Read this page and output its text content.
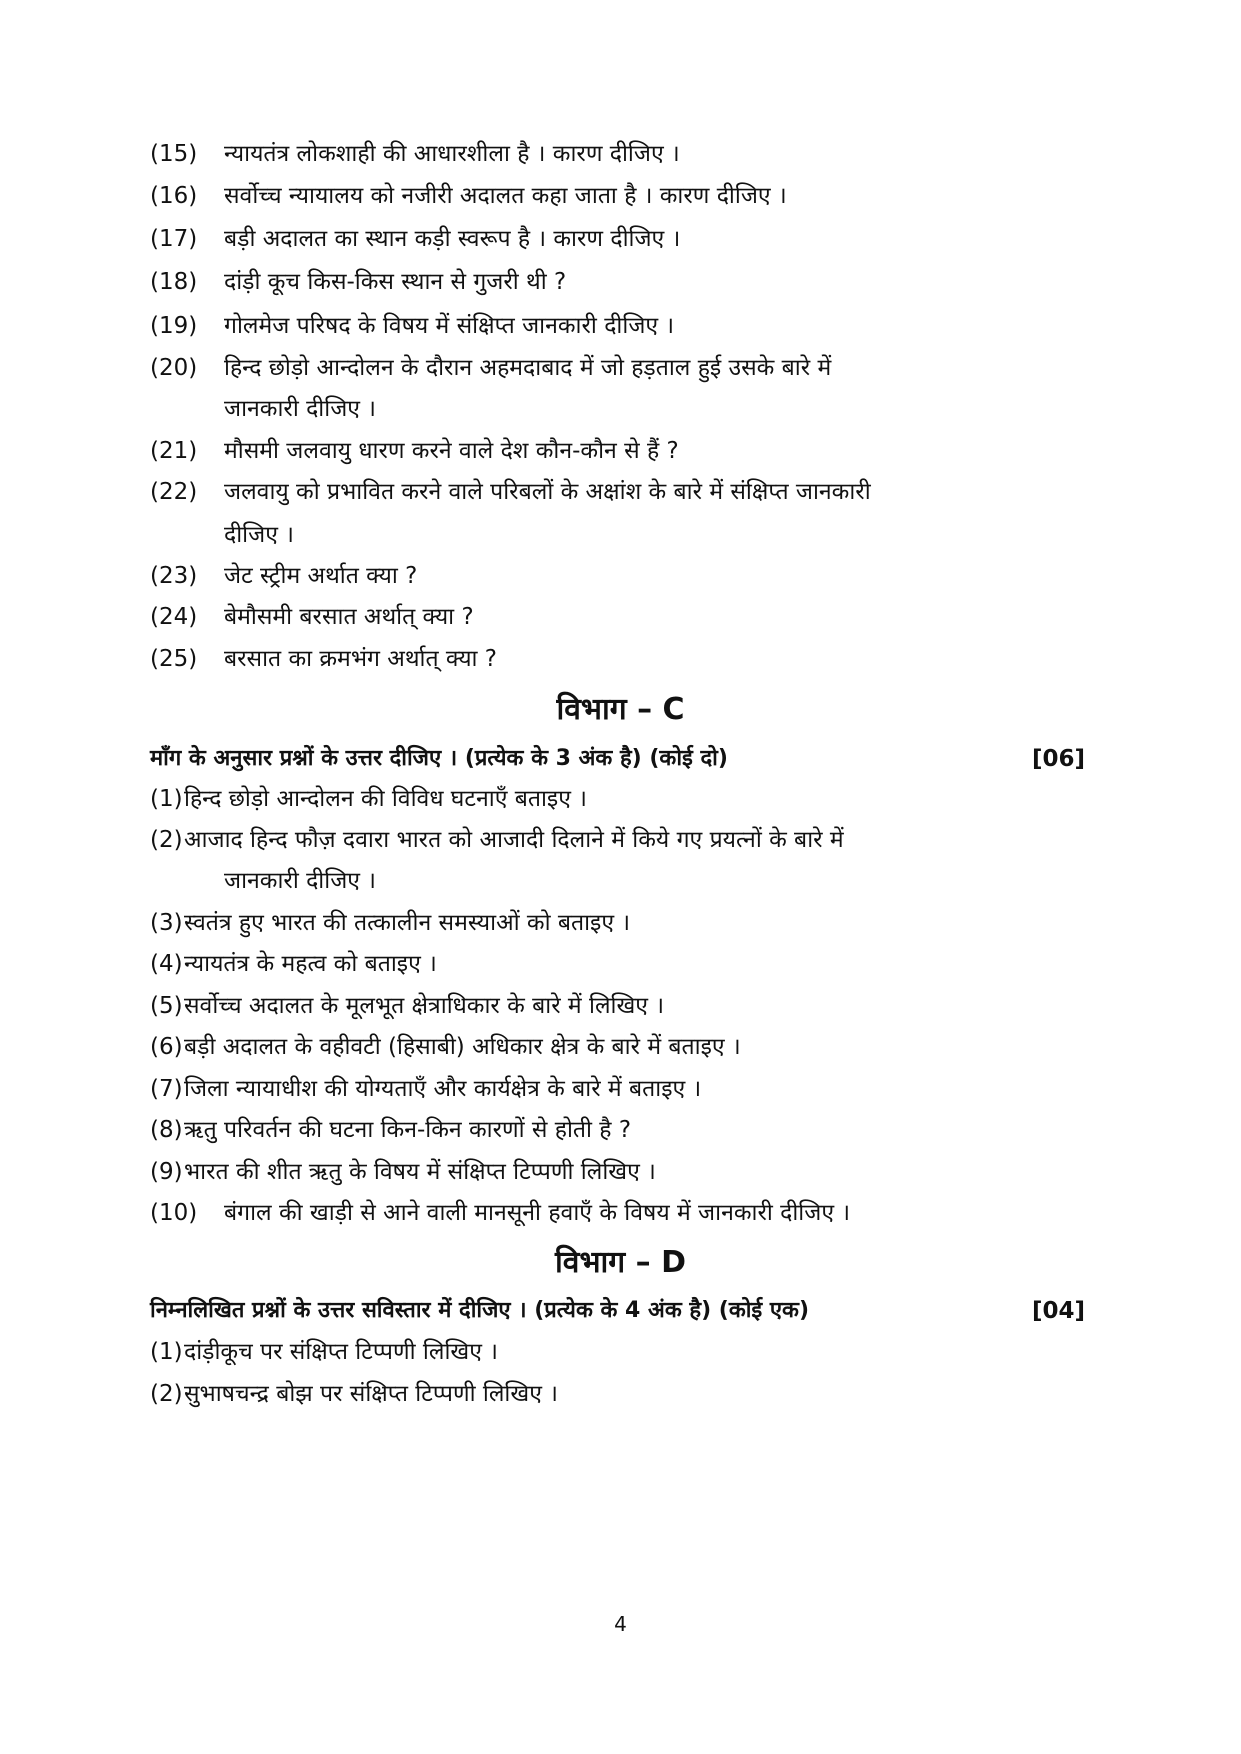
(15)	न्यायतंत्र लोकशाही की आधारशीला है । कारण दीजिए ।
(16)	सर्वोच्च न्यायालय को नजीरी अदालत कहा जाता है । कारण दीजिए ।
(17)	बड़ी अदालत का स्थान कड़ी स्वरूप है । कारण दीजिए ।
(18)	दांड़ी कूच किस-किस स्थान से गुजरी थी ?
(19)	गोलमेज परिषद के विषय में संक्षिप्त जानकारी दीजिए ।
(20)	हिन्द छोड़ो आन्दोलन के दौरान अहमदाबाद में जो हड़ताल हुई उसके बारे में
जानकारी दीजिए ।
(21)	मौसमी जलवायु धारण करने वाले देश कौन-कौन से हैं ?
(22)	जलवायु को प्रभावित करने वाले परिबलों के अक्षांश के बारे में संक्षिप्त जानकारी
दीजिए ।
(23)	जेट स्ट्रीम अर्थात क्या ?
(24)	बेमौसमी बरसात अर्थात् क्या ?
(25)	बरसात का क्रमभंग अर्थात् क्या ?
विभाग – C
माँग के अनुसार प्रश्नों के उत्तर दीजिए । (प्रत्येक के 3 अंक है) (कोई दो)	[06]
(1)हिन्द छोड़ो आन्दोलन की विविध घटनाएँ बताइए ।
(2)आजाद हिन्द फौज़ दवारा भारत को आजादी दिलाने में किये गए प्रयत्नों के बारे में
जानकारी दीजिए ।
(3)स्वतंत्र हुए भारत की तत्कालीन समस्याओं को बताइए ।
(4)न्यायतंत्र के महत्व को बताइए ।
(5)सर्वोच्च अदालत के मूलभूत क्षेत्राधिकार के बारे में लिखिए ।
(6)बड़ी अदालत के वहीवटी (हिसाबी) अधिकार क्षेत्र के बारे में बताइए ।
(7)जिला न्यायाधीश की योग्यताएँ और कार्यक्षेत्र के बारे में बताइए ।
(8)ऋतु परिवर्तन की घटना किन-किन कारणों से होती है ?
(9)भारत की शीत ऋतु के विषय में संक्षिप्त टिप्पणी लिखिए ।
(10)	बंगाल की खाड़ी से आने वाली मानसूनी हवाएँ के विषय में जानकारी दीजिए ।
विभाग – D
निम्नलिखित प्रश्नों के उत्तर सविस्तार में दीजिए । (प्रत्येक के 4 अंक है) (कोई एक)	[04]
(1)दांड़ीकूच पर संक्षिप्त टिप्पणी लिखिए ।
(2)सुभाषचन्द्र बोझ पर संक्षिप्त टिप्पणी लिखिए ।
4
